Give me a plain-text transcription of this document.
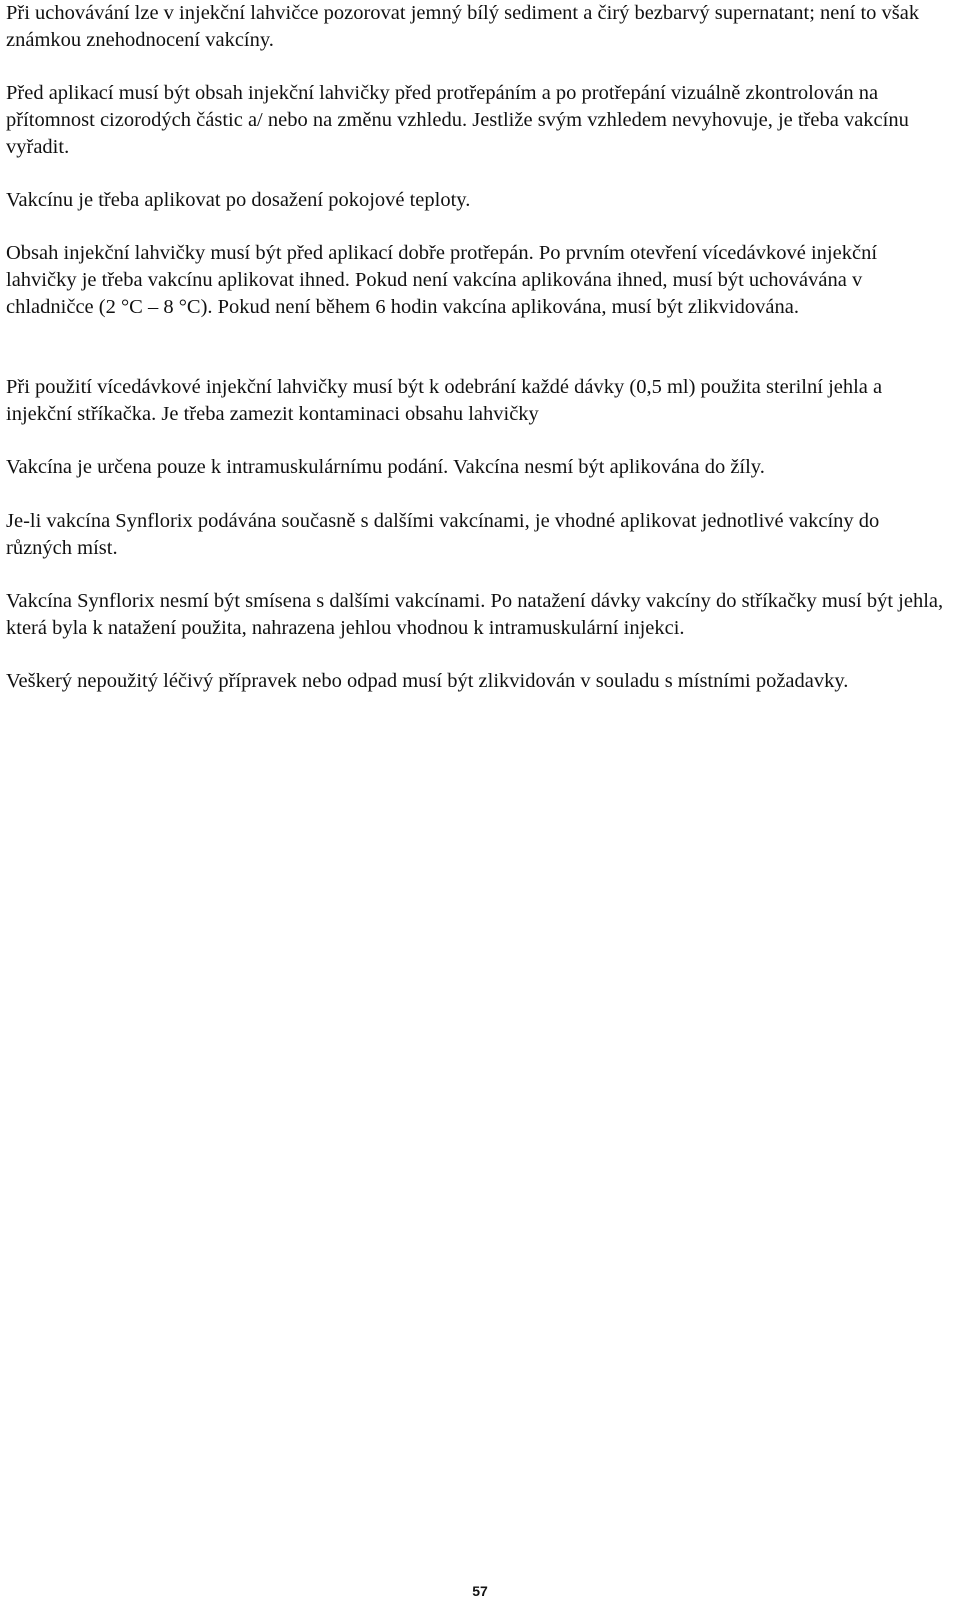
Při uchovávání lze v injekční lahvičce pozorovat jemný bílý sediment a čirý bezbarvý supernatant; není to však známkou znehodnocení vakcíny.

Před aplikací musí být obsah injekční lahvičky před protřepáním a po protřepání vizuálně zkontrolován na přítomnost cizorodých částic a/ nebo na změnu vzhledu. Jestliže svým vzhledem nevyhovuje, je třeba vakcínu vyřadit.

Vakcínu je třeba aplikovat po dosažení pokojové teploty.

Obsah injekční lahvičky musí být před aplikací dobře protřepán. Po prvním otevření vícedávkové injekční lahvičky je třeba vakcínu aplikovat ihned. Pokud není vakcína aplikována ihned, musí být uchovávána v chladničce (2 °C – 8 °C). Pokud není během 6 hodin vakcína aplikována, musí být zlikvidována.

Při použití vícedávkové injekční lahvičky musí být k odebrání každé dávky (0,5 ml) použita sterilní jehla a injekční stříkačka. Je třeba zamezit kontaminaci obsahu lahvičky

Vakcína je určena pouze k intramuskulárnímu podání. Vakcína nesmí být aplikována do žíly.

Je-li vakcína Synflorix podávána současně s dalšími vakcínami, je vhodné aplikovat jednotlivé vakcíny do různých míst.

Vakcína Synflorix nesmí být smísena s dalšími vakcínami. Po natažení dávky vakcíny do stříkačky musí být jehla, která byla k natažení použita, nahrazena jehlou vhodnou k intramuskulární injekci.

Veškerý nepoužitý léčivý přípravek nebo odpad musí být zlikvidován v souladu s místními požadavky.

57
